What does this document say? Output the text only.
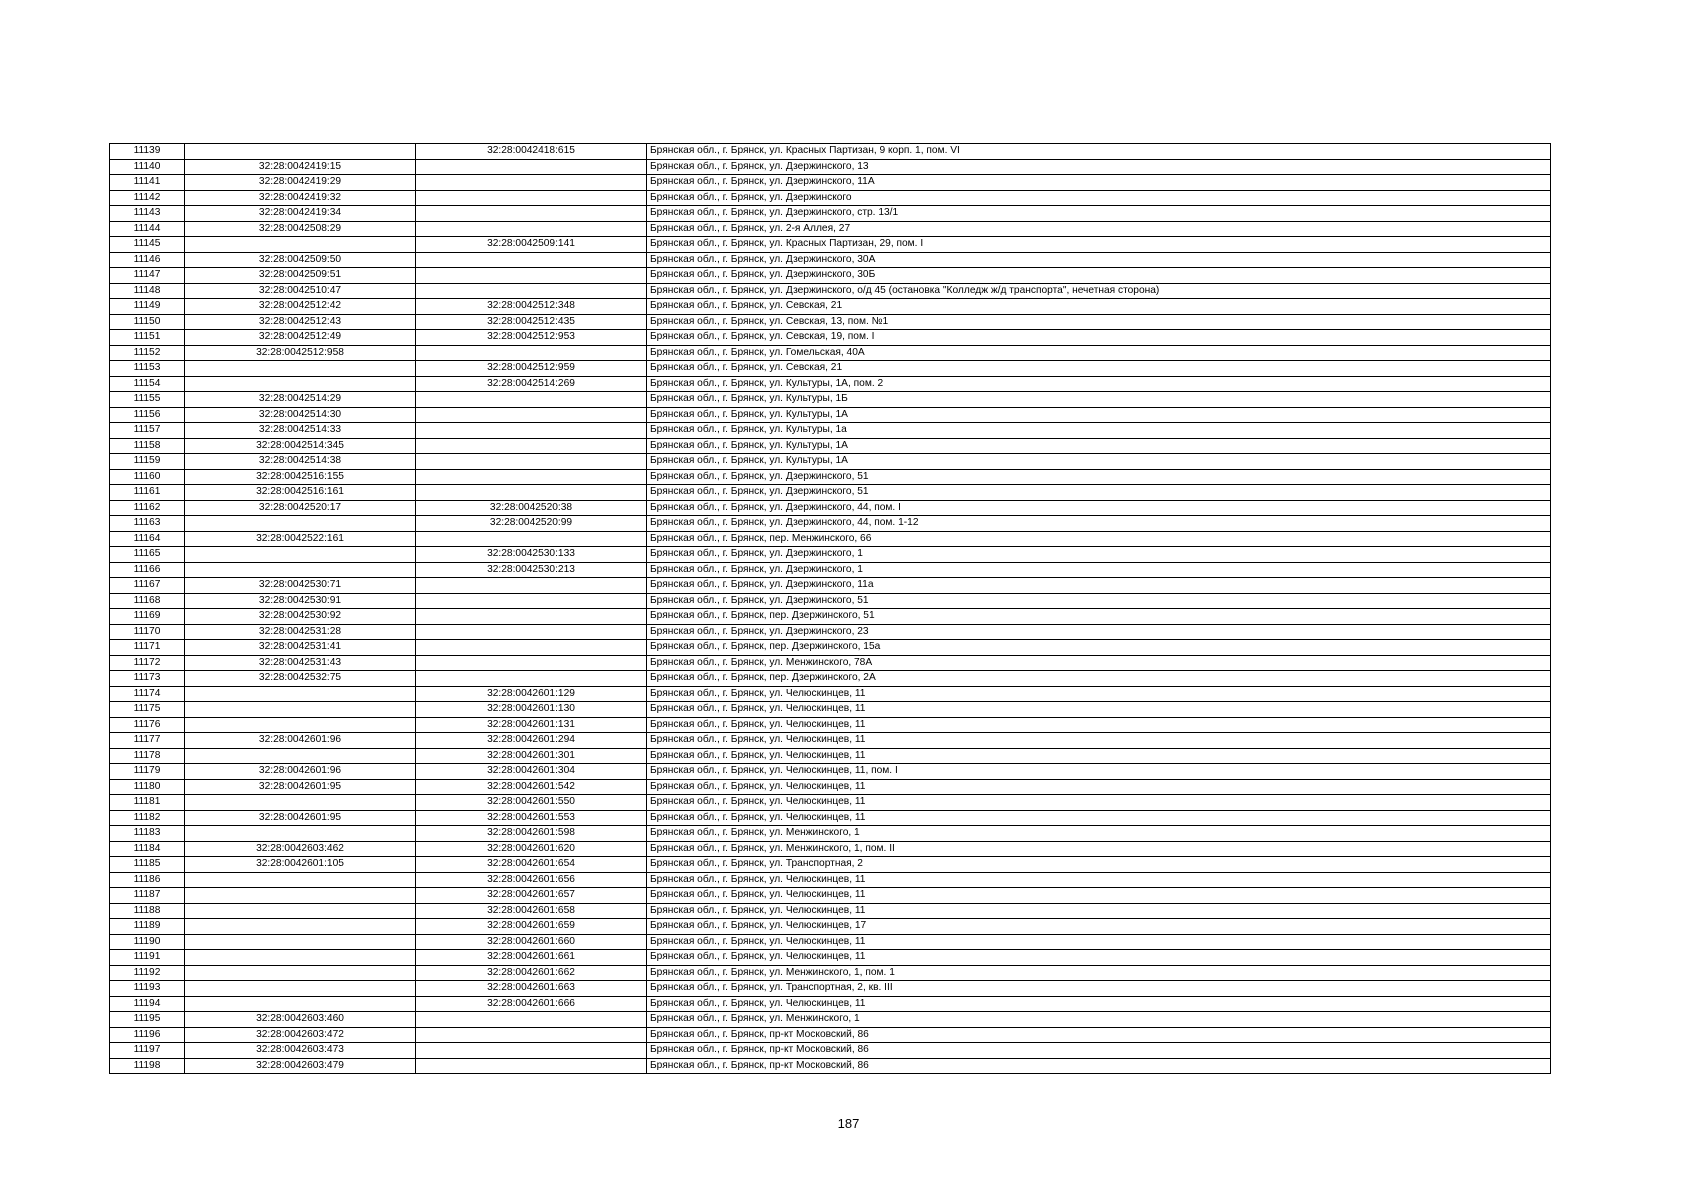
11139		32:28:0042418:615	Брянская обл., г. Брянск, ул. Красных Партизан, 9 корп. 1, пом. VI
11140	32:28:0042419:15		Брянская обл., г. Брянск, ул. Дзержинского, 13
11141	32:28:0042419:29		Брянская обл., г. Брянск, ул. Дзержинского, 11А
11142	32:28:0042419:32		Брянская обл., г. Брянск, ул. Дзержинского
11143	32:28:0042419:34		Брянская обл., г. Брянск, ул. Дзержинского, стр. 13/1
11144	32:28:0042508:29		Брянская обл., г. Брянск, ул. 2-я Аллея, 27
11145		32:28:0042509:141	Брянская обл., г. Брянск, ул. Красных Партизан, 29, пом. I
11146	32:28:0042509:50		Брянская обл., г. Брянск, ул. Дзержинского, 30А
11147	32:28:0042509:51		Брянская обл., г. Брянск, ул. Дзержинского, 30Б
11148	32:28:0042510:47		Брянская обл., г. Брянск, ул. Дзержинского, о/д 45 (остановка "Колледж ж/д транспорта", нечетная сторона)
11149	32:28:0042512:42	32:28:0042512:348	Брянская обл., г. Брянск, ул. Севская, 21
11150	32:28:0042512:43	32:28:0042512:435	Брянская обл., г. Брянск, ул. Севская, 13, пом. №1
11151	32:28:0042512:49	32:28:0042512:953	Брянская обл., г. Брянск, ул. Севская, 19, пом. I
11152	32:28:0042512:958		Брянская обл., г. Брянск, ул. Гомельская, 40А
11153		32:28:0042512:959	Брянская обл., г. Брянск, ул. Севская, 21
11154		32:28:0042514:269	Брянская обл., г. Брянск, ул. Культуры, 1А, пом. 2
11155	32:28:0042514:29		Брянская обл., г. Брянск, ул. Культуры, 1Б
11156	32:28:0042514:30		Брянская обл., г. Брянск, ул. Культуры, 1А
11157	32:28:0042514:33		Брянская обл., г. Брянск, ул. Культуры, 1а
11158	32:28:0042514:345		Брянская обл., г. Брянск, ул. Культуры, 1А
11159	32:28:0042514:38		Брянская обл., г. Брянск, ул. Культуры, 1А
11160	32:28:0042516:155		Брянская обл., г. Брянск, ул. Дзержинского, 51
11161	32:28:0042516:161		Брянская обл., г. Брянск, ул. Дзержинского, 51
11162	32:28:0042520:17	32:28:0042520:38	Брянская обл., г. Брянск, ул. Дзержинского, 44, пом. I
11163		32:28:0042520:99	Брянская обл., г. Брянск, ул. Дзержинского, 44, пом. 1-12
11164	32:28:0042522:161		Брянская обл., г. Брянск, пер. Менжинского, 66
11165		32:28:0042530:133	Брянская обл., г. Брянск, ул. Дзержинского, 1
11166		32:28:0042530:213	Брянская обл., г. Брянск, ул. Дзержинского, 1
11167	32:28:0042530:71		Брянская обл., г. Брянск, ул. Дзержинского, 11а
11168	32:28:0042530:91		Брянская обл., г. Брянск, ул. Дзержинского, 51
11169	32:28:0042530:92		Брянская обл., г. Брянск, пер. Дзержинского, 51
11170	32:28:0042531:28		Брянская обл., г. Брянск, ул. Дзержинского, 23
11171	32:28:0042531:41		Брянская обл., г. Брянск, пер. Дзержинского, 15а
11172	32:28:0042531:43		Брянская обл., г. Брянск, ул. Менжинского, 78А
11173	32:28:0042532:75		Брянская обл., г. Брянск, пер. Дзержинского, 2А
11174		32:28:0042601:129	Брянская обл., г. Брянск, ул. Челюскинцев, 11
11175		32:28:0042601:130	Брянская обл., г. Брянск, ул. Челюскинцев, 11
11176		32:28:0042601:131	Брянская обл., г. Брянск, ул. Челюскинцев, 11
11177	32:28:0042601:96	32:28:0042601:294	Брянская обл., г. Брянск, ул. Челюскинцев, 11
11178		32:28:0042601:301	Брянская обл., г. Брянск, ул. Челюскинцев, 11
11179	32:28:0042601:96	32:28:0042601:304	Брянская обл., г. Брянск, ул. Челюскинцев, 11, пом. I
11180	32:28:0042601:95	32:28:0042601:542	Брянская обл., г. Брянск, ул. Челюскинцев, 11
11181		32:28:0042601:550	Брянская обл., г. Брянск, ул. Челюскинцев, 11
11182	32:28:0042601:95	32:28:0042601:553	Брянская обл., г. Брянск, ул. Челюскинцев, 11
11183		32:28:0042601:598	Брянская обл., г. Брянск, ул. Менжинского, 1
11184	32:28:0042603:462	32:28:0042601:620	Брянская обл., г. Брянск, ул. Менжинского, 1, пом. II
11185	32:28:0042601:105	32:28:0042601:654	Брянская обл., г. Брянск, ул. Транспортная, 2
11186		32:28:0042601:656	Брянская обл., г. Брянск, ул. Челюскинцев, 11
11187		32:28:0042601:657	Брянская обл., г. Брянск, ул. Челюскинцев, 11
11188		32:28:0042601:658	Брянская обл., г. Брянск, ул. Челюскинцев, 11
11189		32:28:0042601:659	Брянская обл., г. Брянск, ул. Челюскинцев, 17
11190		32:28:0042601:660	Брянская обл., г. Брянск, ул. Челюскинцев, 11
11191		32:28:0042601:661	Брянская обл., г. Брянск, ул. Челюскинцев, 11
11192		32:28:0042601:662	Брянская обл., г. Брянск, ул. Менжинского, 1, пом. 1
11193		32:28:0042601:663	Брянская обл., г. Брянск, ул. Транспортная, 2, кв. III
11194		32:28:0042601:666	Брянская обл., г. Брянск, ул. Челюскинцев, 11
11195	32:28:0042603:460		Брянская обл., г. Брянск, ул. Менжинского, 1
11196	32:28:0042603:472		Брянская обл., г. Брянск, пр-кт Московский, 86
11197	32:28:0042603:473		Брянская обл., г. Брянск, пр-кт Московский, 86
11198	32:28:0042603:479		Брянская обл., г. Брянск, пр-кт Московский, 86
187
